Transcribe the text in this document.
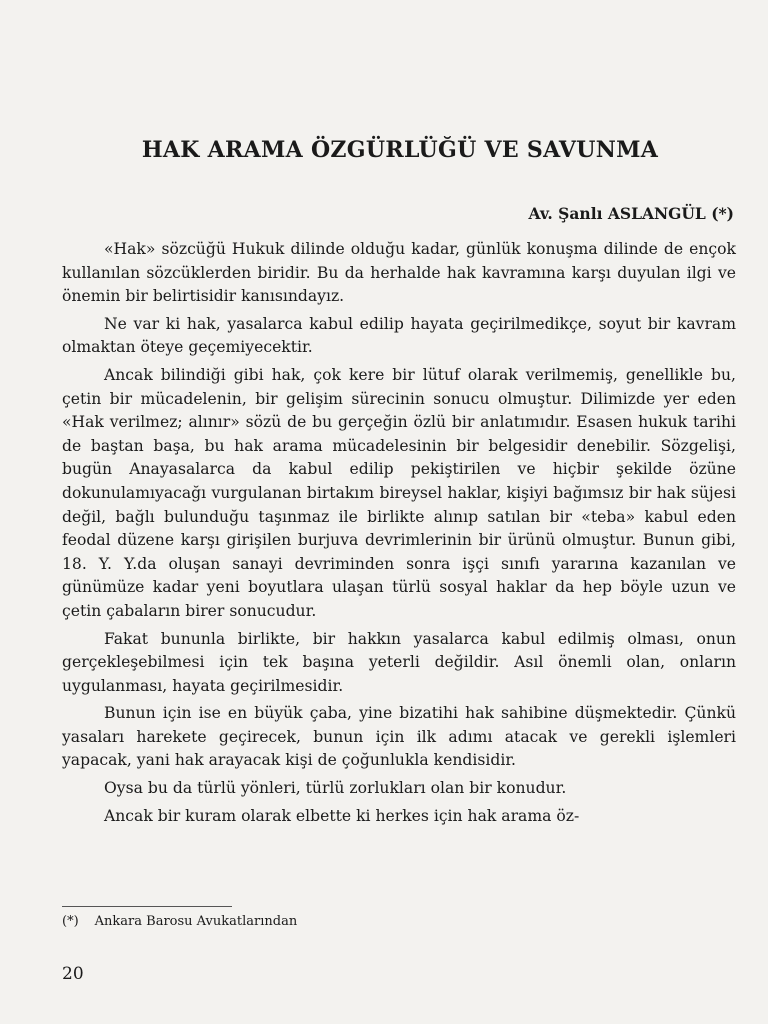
HAK ARAMA ÖZGÜRLÜĞÜ VE SAVUNMA

Av. Şanlı ASLANGÜL (*)

«Hak» sözcüğü Hukuk dilinde olduğu kadar, günlük konuşma dilinde de ençok kullanılan sözcüklerden biridir. Bu da herhalde hak kavramına karşı duyulan ilgi ve önemin bir belirtisidir kanısındayız.

Ne var ki hak, yasalarca kabul edilip hayata geçirilmedikçe, soyut bir kavram olmaktan öteye geçemiyecektir.

Ancak bilindiği gibi hak, çok kere bir lütuf olarak verilmemiş, genellikle bu, çetin bir mücadelenin, bir gelişim sürecinin sonucu olmuştur. Dilimizde yer eden «Hak verilmez; alınır» sözü de bu gerçeğin özlü bir anlatımıdır. Esasen hukuk tarihi de baştan başa, bu hak arama mücadelesinin bir belgesidir denebilir. Sözgelişi, bugün Anayasalarca da kabul edilip pekiştirilen ve hiçbir şekilde özüne dokunulamıyacağı vurgulanan birtakım bireysel haklar, kişiyi bağımsız bir hak süjesi değil, bağlı bulunduğu taşınmaz ile birlikte alınıp satılan bir «teba» kabul eden feodal düzene karşı girişilen burjuva devrimlerinin bir ürünü olmuştur. Bunun gibi, 18. Y. Y.da oluşan sanayi devriminden sonra işçi sınıfı yararına kazanılan ve günümüze kadar yeni boyutlara ulaşan türlü sosyal haklar da hep böyle uzun ve çetin çabaların birer sonucudur.

Fakat bununla birlikte, bir hakkın yasalarca kabul edilmiş olması, onun gerçekleşebilmesi için tek başına yeterli değildir. Asıl önemli olan, onların uygulanması, hayata geçirilmesidir.

Bunun için ise en büyük çaba, yine bizatihi hak sahibine düşmektedir. Çünkü yasaları harekete geçirecek, bunun için ilk adımı atacak ve gerekli işlemleri yapacak, yani hak arayacak kişi de çoğunlukla kendisidir.

Oysa bu da türlü yönleri, türlü zorlukları olan bir konudur.

Ancak bir kuram olarak elbette ki herkes için hak arama öz-

(*) Ankara Barosu Avukatlarından

20
